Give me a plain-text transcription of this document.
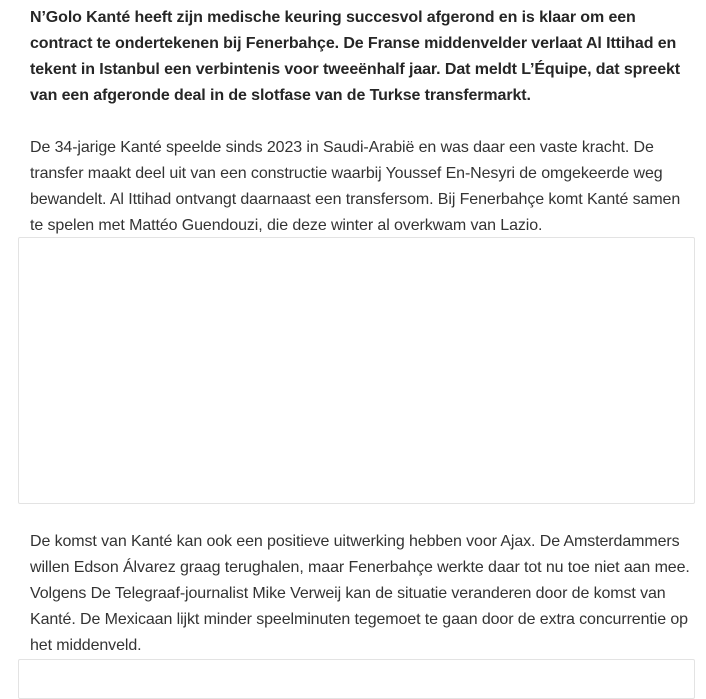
N’Golo Kanté heeft zijn medische keuring succesvol afgerond en is klaar om een contract te ondertekenen bij Fenerbahçe. De Franse middenvelder verlaat Al Ittihad en tekent in Istanbul een verbintenis voor tweeënhalf jaar. Dat meldt L’Équipe, dat spreekt van een afgeronde deal in de slotfase van de Turkse transfermarkt.

De 34-jarige Kanté speelde sinds 2023 in Saudi-Arabië en was daar een vaste kracht. De transfer maakt deel uit van een constructie waarbij Youssef En-Nesyri de omgekeerde weg bewandelt. Al Ittihad ontvangt daarnaast een transfersom. Bij Fenerbahçe komt Kanté samen te spelen met Mattéo Guendouzi, die deze winter al overkwam van Lazio.

De komst van Kanté kan ook een positieve uitwerking hebben voor Ajax. De Amsterdammers willen Edson Álvarez graag terughalen, maar Fenerbahçe werkte daar tot nu toe niet aan mee. Volgens De Telegraaf-journalist Mike Verweij kan de situatie veranderen door de komst van Kanté. De Mexicaan lijkt minder speelminuten tegemoet te gaan door de extra concurrentie op het middenveld.
